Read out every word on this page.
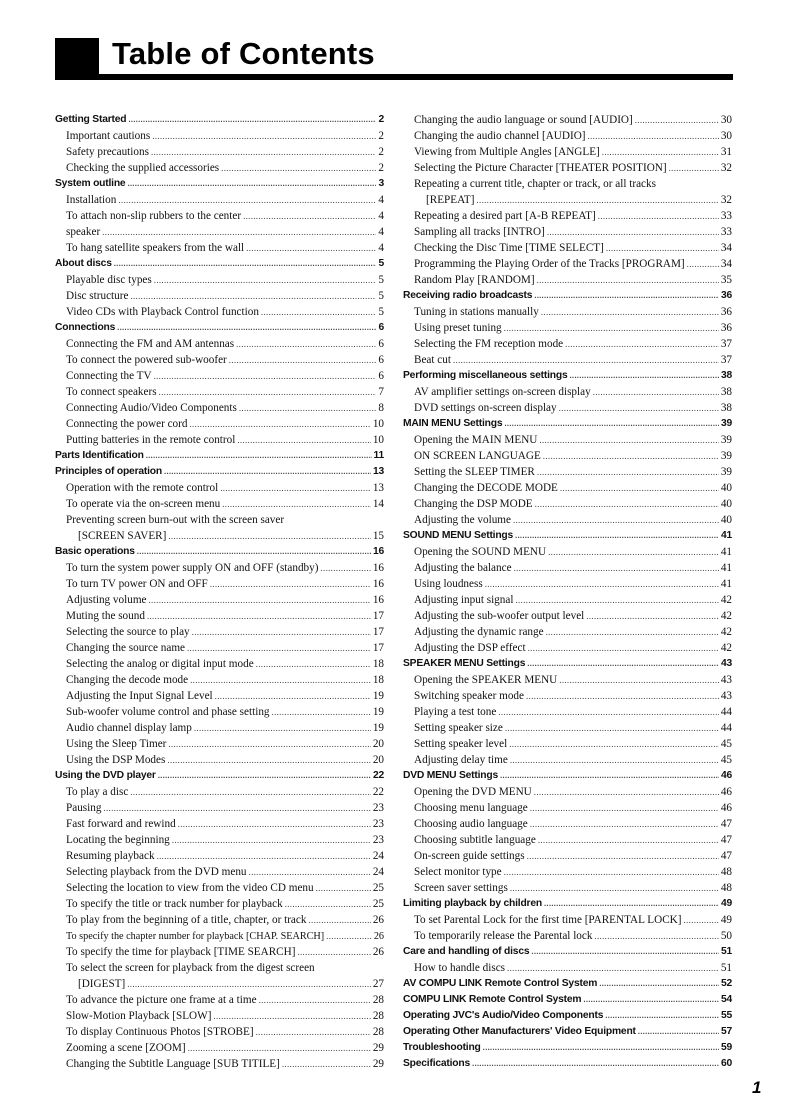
Table of Contents
Getting Started .....	2
Important cautions .....	2
Safety precautions .....	2
Checking the supplied accessories .....	2
System outline .....	3
Installation .....	4
To attach non-slip rubbers to the center .....	4
speaker .....	4
To hang satellite speakers from the wall .....	4
About discs .....	5
Playable disc types .....	5
Disc structure .....	5
Video CDs with Playback Control function .....	5
Connections .....	6
Connecting the FM and AM antennas .....	6
To connect the powered sub-woofer .....	6
Connecting the TV .....	6
To connect speakers .....	7
Connecting Audio/Video Components .....	8
Connecting the power cord .....	10
Putting batteries in the remote control .....	10
Parts Identification .....	11
Principles of operation .....	13
Operation with the remote control .....	13
To operate via the on-screen menu .....	14
Preventing screen burn-out with the screen saver
[SCREEN SAVER] .....	15
Basic operations .....	16
To turn the system power supply ON and OFF (standby) .....	16
To turn TV power ON and OFF .....	16
Adjusting volume .....	16
Muting the sound .....	17
Selecting the source to play .....	17
Changing the source name .....	17
Selecting the analog or digital input mode .....	18
Changing the decode mode .....	18
Adjusting the Input Signal Level .....	19
Sub-woofer volume control and phase setting .....	19
Audio channel display lamp .....	19
Using the Sleep Timer .....	20
Using the DSP Modes .....	20
Using the DVD player .....	22
To play a disc .....	22
Pausing .....	23
Fast forward and rewind .....	23
Locating the beginning .....	23
Resuming playback .....	24
Selecting playback from the DVD menu .....	24
Selecting the location to view from the video CD menu .....	25
To specify the title or track number for playback .....	25
To play from the beginning of a title, chapter, or track .....	26
To specify the chapter number for playback [CHAP. SEARCH] .....	26
To specify the time for playback [TIME SEARCH] .....	26
To select the screen for playback from the digest screen
[DIGEST] .....	27
To advance the picture one frame at a time .....	28
Slow-Motion Playback [SLOW] .....	28
To display Continuous Photos [STROBE] .....	28
Zooming a scene [ZOOM] .....	29
Changing the Subtitle Language [SUB TITILE] .....	29
Changing the audio language or sound [AUDIO] .....	30
Changing the audio channel [AUDIO] .....	30
Viewing from Multiple Angles [ANGLE] .....	31
Selecting the Picture Character [THEATER POSITION] .....	32
Repeating a current title, chapter or track, or all tracks
[REPEAT] .....	32
Repeating a desired part [A-B REPEAT] .....	33
Sampling all tracks [INTRO] .....	33
Checking the Disc Time [TIME SELECT] .....	34
Programming the Playing Order of the Tracks [PROGRAM] .....	34
Random Play [RANDOM] .....	35
Receiving radio broadcasts .....	36
Tuning in stations manually .....	36
Using preset tuning .....	36
Selecting the FM reception mode .....	37
Beat cut .....	37
Performing miscellaneous settings .....	38
AV amplifier settings on-screen display .....	38
DVD settings on-screen display .....	38
MAIN MENU Settings .....	39
Opening the MAIN MENU .....	39
ON SCREEN LANGUAGE .....	39
Setting the SLEEP TIMER .....	39
Changing the DECODE MODE .....	40
Changing the DSP MODE .....	40
Adjusting the volume .....	40
SOUND MENU Settings .....	41
Opening the SOUND MENU .....	41
Adjusting the balance .....	41
Using loudness .....	41
Adjusting input signal .....	42
Adjusting the sub-woofer output level .....	42
Adjusting the dynamic range .....	42
Adjusting the DSP effect .....	42
SPEAKER MENU Settings .....	43
Opening the SPEAKER MENU .....	43
Switching speaker mode .....	43
Playing a test tone .....	44
Setting speaker size .....	44
Setting speaker level .....	45
Adjusting delay time .....	45
DVD MENU Settings .....	46
Opening the DVD MENU .....	46
Choosing menu language .....	46
Choosing audio language .....	47
Choosing subtitle language .....	47
On-screen guide settings .....	47
Select monitor type .....	48
Screen saver settings .....	48
Limiting playback by children .....	49
To set Parental Lock for the first time [PARENTAL LOCK] .....	49
To temporarily release the Parental lock .....	50
Care and handling of discs .....	51
How to handle discs .....	51
AV COMPU LINK Remote Control System .....	52
COMPU LINK Remote Control System .....	54
Operating JVC's Audio/Video Components .....	55
Operating Other Manufacturers' Video Equipment .....	57
Troubleshooting .....	59
Specifications .....	60
1
